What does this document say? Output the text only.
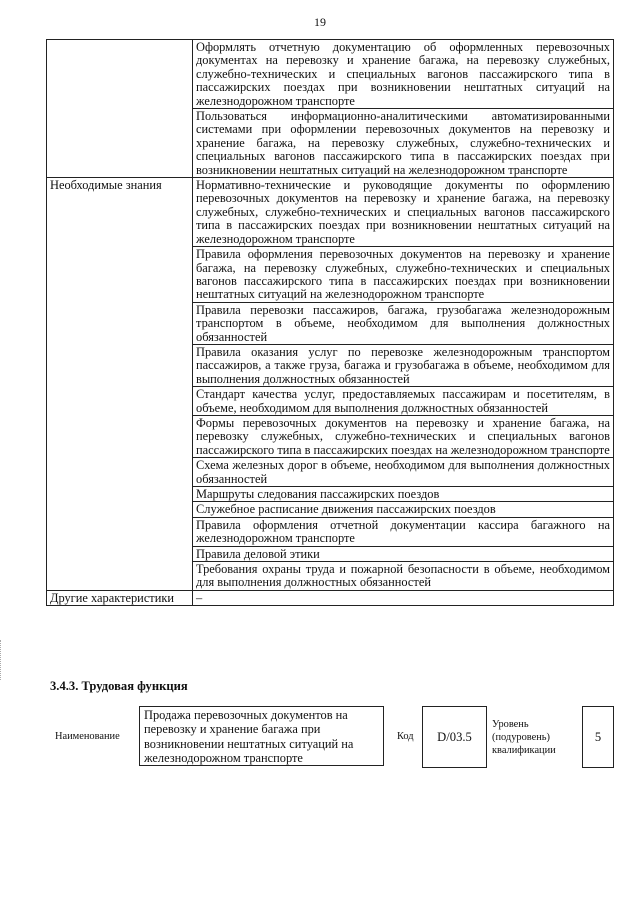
19
	Оформлять отчетную документацию об оформленных перевозочных документах на перевозку и хранение багажа, на перевозку служебных, служебно-технических и специальных вагонов пассажирского типа в пассажирских поездах при возникновении нештатных ситуаций на железнодорожном транспорте
	Пользоваться информационно-аналитическими автоматизированными системами при оформлении перевозочных документов на перевозку и хранение багажа, на перевозку служебных, служебно-технических и специальных вагонов пассажирского типа в пассажирских поездах при возникновении нештатных ситуаций на железнодорожном транспорте
Необходимые знания	Нормативно-технические и руководящие документы по оформлению перевозочных документов на перевозку и хранение багажа, на перевозку служебных, служебно-технических и специальных вагонов пассажирского типа в пассажирских поездах при возникновении нештатных ситуаций на железнодорожном транспорте
	Правила оформления перевозочных документов на перевозку и хранение багажа, на перевозку служебных, служебно-технических и специальных вагонов пассажирского типа в пассажирских поездах при возникновении нештатных ситуаций на железнодорожном транспорте
	Правила перевозки пассажиров, багажа, грузобагажа железнодорожным транспортом в объеме, необходимом для выполнения должностных обязанностей
	Правила оказания услуг по перевозке железнодорожным транспортом пассажиров, а также груза, багажа и грузобагажа в объеме, необходимом для выполнения должностных обязанностей
	Стандарт качества услуг, предоставляемых пассажирам и посетителям, в объеме, необходимом для выполнения должностных обязанностей
	Формы перевозочных документов на перевозку и хранение багажа, на перевозку служебных, служебно-технических и специальных вагонов пассажирского типа в пассажирских поездах на железнодорожном транспорте
	Схема железных дорог в объеме, необходимом для выполнения должностных обязанностей
	Маршруты следования пассажирских поездов
	Служебное расписание движения пассажирских поездов
	Правила оформления отчетной документации кассира багажного на железнодорожном транспорте
	Правила деловой этики
	Требования охраны труда и пожарной безопасности в объеме, необходимом для выполнения должностных обязанностей
Другие характеристики	–
3.4.3. Трудовая функция
Наименование
Продажа перевозочных документов на перевозку и хранение багажа при возникновении нештатных ситуаций на железнодорожном транспорте
Код	D/03.5
Уровень (подуровень) квалификации
5
